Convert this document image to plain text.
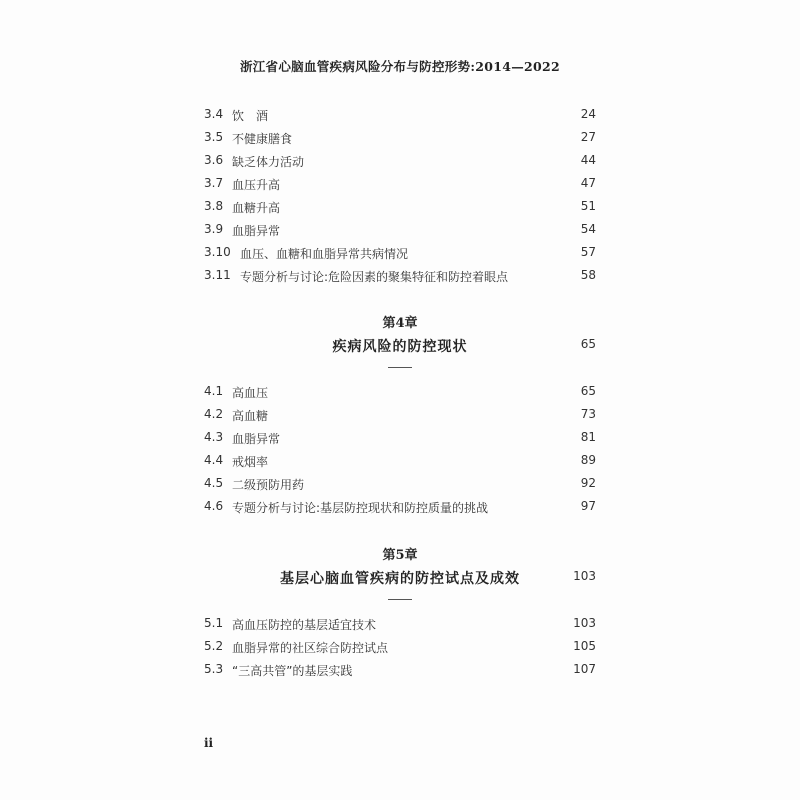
浙江省心脑血管疾病风险分布与防控形势:2014—2022
3.4 饮　酒	24
3.5 不健康膳食	27
3.6 缺乏体力活动	44
3.7 血压升高	47
3.8 血糖升高	51
3.9 血脂异常	54
3.10 血压、血糖和血脂异常共病情况	57
3.11 专题分析与讨论:危险因素的聚集特征和防控着眼点	58
第4章
疾病风险的防控现状	65
4.1 高血压	65
4.2 高血糖	73
4.3 血脂异常	81
4.4 戒烟率	89
4.5 二级预防用药	92
4.6 专题分析与讨论:基层防控现状和防控质量的挑战	97
第5章
基层心脑血管疾病的防控试点及成效	103
5.1 高血压防控的基层适宜技术	103
5.2 血脂异常的社区综合防控试点	105
5.3 “三高共管”的基层实践	107
ii
